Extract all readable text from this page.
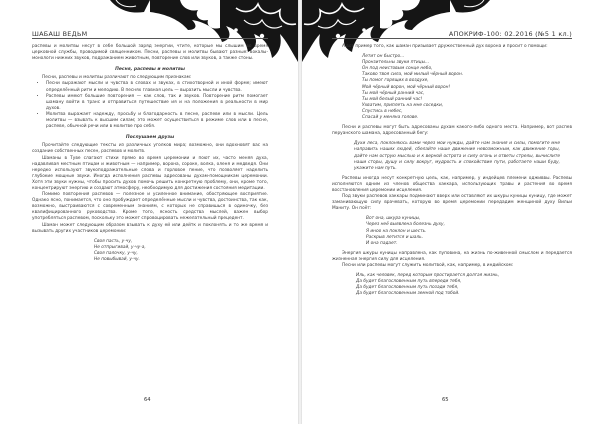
ШАБАШ ВЕДЬМ

распевы и молитвы несут в себе большой заряд энергии, чтите, которые мы слышим во время церковной службы, проводимой священником. Песни, распевы и молитвы бывают разные: вокалы-монологи нижних звуков, подражанием животным, повторение слов или звуков, а также стоны.

Песня, распевы и молитвы

Песни, распевы и молитвы различают по следующим признакам:

• Песни выражают мысли и чувства в словах и звуках, в стихотворной и иной форме; имеют определённый ритм и мелодию. В песнях главная цель — выразить мысли и чувства.
• Распевы имеют большие повторения — как слов, так и звуков. Повторение ритм помогает шаману войти в транс и отправиться путешествие ия и на положения в реальности в мир духов.
• Молитва выражает надежду, просьбу и благодарность в песне, распеве или в мысли. Цель молитвы — взывать к высшим силам; это может осуществиться в режиме слов или в песне, распеве, обычной речи или в молитве про себя.
Послушаем друзы

Прочитайте следующие тексты из различных уголков мира; возможно, они вдохновят вас на создание собственных песен, распевов и молитв.

Шаманы в Туве слагают стихи прямо во время церемонии и поют их, часто меняя духа, надавливая местным птицам и животным — например, ворона, сороке, волка, оленя и медведя. Они нередко используют звукоподражательные слова и горловое пение, что позволяет наделить глубокие мощные звуки. Иногда исполнения распевы адресованы духам-помощникам церемонии. Хотя эти звуки нужны, чтобы просить духов помочь решить конкретную проблему, они, кроме того, концентрируют энергию и создают атмосферу, необходимую для достижения состояния медитации.

Помимо повторения распевов — полезное и усиленное внимание, обостряющее восприятие. Однако ясно, понимается, что оно пробуждает определённые мысли и чувства, достоинства, так как, возможно, выстраиваются с современным знаниям, с которых не справишься в одиночку, без квалифицированного руководства. Кроме того, ясность средства мыслей, важен выбор употребляться распевом, поскольку это может спровоцировать нежелательный прецедент.

Шаман может следующим образом взывать к духу ей или дейтк и поклонять и то же время и вызывать других участников церемонии:

Своя пасть, у-чу,
Не отпрыгивай, у-чу-а,
Своя палочку, у-чу,
Не повыбывай, у-чу.
64
АПОКРИФ-100: 02.2016 (№5 1 кл.)

А вот пример того, как шаман призывает дружественный дух ворона и просит о помощи:

Летит он быстро...
Пронзительны звуки птицы...
Он под неистовым сонце небо,
Таково твоя сила, мой милый чёрный ворон.
Ты помог горящих в воздухе,
Мой чёрный ворон, мой чёрный ворон!
Ты мой чёрный ранний час,
Ты мой белый ранний час!
Ухватим, приплеть на мне соседки,
Спустись в небес,
Спасай у меняна голове.

Песни и распевы могут быть адресованы духам какого-либо одного места. Например, вот распев перуанского шамана, адресованный бегу:

Духи леса, поклоняюсь вами через мои нужды, дайте нам знания и силы, помогите мне направить наших людей, сбелайте наше движение невозможным, как движение горы, дайте нам острую мыслью и к верной острота и силу огонь и ответы стрелы, вычислите наши сторы, душу и силу вокруг, мудрость и спокойствие пути, работаете наши буду, укажите нам путь.

Распевы иногда несут конкретную цель, как, например, у индейцев племени одживвы. Распевы исполняются одним из членов общества хаккара, использующих травы и растения во время восстановления церемонии исцеления.

Под звуки распевов хаккары подминают вверх или оставляют их шкуры куницы куницу, где может заманивающую силу врачевать, которую во время церемонии передадим женщиной духу Вильи Маниту. Он поёт:

Вот она, шкура куницы,
Через неё выявлена болезнь духу,
Я иноо на поклон и шесть.
Раскрыв летится и шаль.
И она падает.

Энергия шкуры куницы направлена, как пуповина, на жизнь по-живенной смыслом и передается жизненная энергия силу для исцеления.

Песни или распевы могут служить молитвой, как, например, в индийском:

Иль, как человек, перед которым простирается долгая жизнь,
Да будет благословенным путь впереди тебя,
Да будет благословенным путь позади тебя,
Да будет благословенным земной под тобой.
65
